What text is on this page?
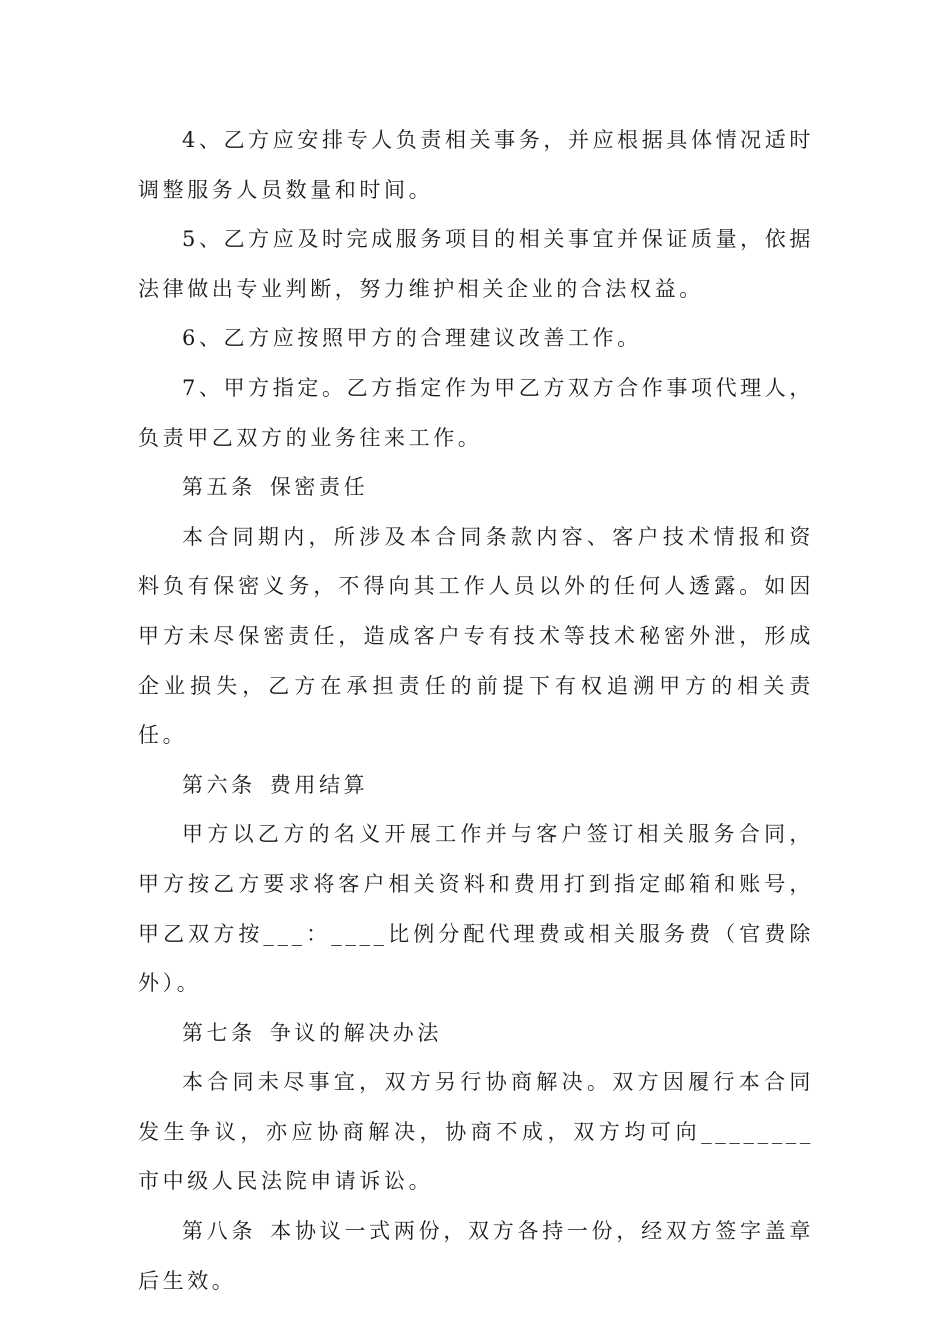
4、乙方应安排专人负责相关事务，并应根据具体情况适时调整服务人员数量和时间。

5、乙方应及时完成服务项目的相关事宜并保证质量，依据法律做出专业判断，努力维护相关企业的合法权益。

6、乙方应按照甲方的合理建议改善工作。

7、甲方指定。乙方指定作为甲乙方双方合作事项代理人，负责甲乙双方的业务往来工作。

第五条 保密责任

本合同期内，所涉及本合同条款内容、客户技术情报和资料负有保密义务，不得向其工作人员以外的任何人透露。如因甲方未尽保密责任，造成客户专有技术等技术秘密外泄，形成企业损失，乙方在承担责任的前提下有权追溯甲方的相关责任。

第六条 费用结算

甲方以乙方的名义开展工作并与客户签订相关服务合同，甲方按乙方要求将客户相关资料和费用打到指定邮箱和账号，甲乙双方按___：____比例分配代理费或相关服务费（官费除外）。

第七条 争议的解决办法

本合同未尽事宜，双方另行协商解决。双方因履行本合同发生争议，亦应协商解决，协商不成，双方均可向________市中级人民法院申请诉讼。

第八条 本协议一式两份，双方各持一份，经双方签字盖章后生效。
